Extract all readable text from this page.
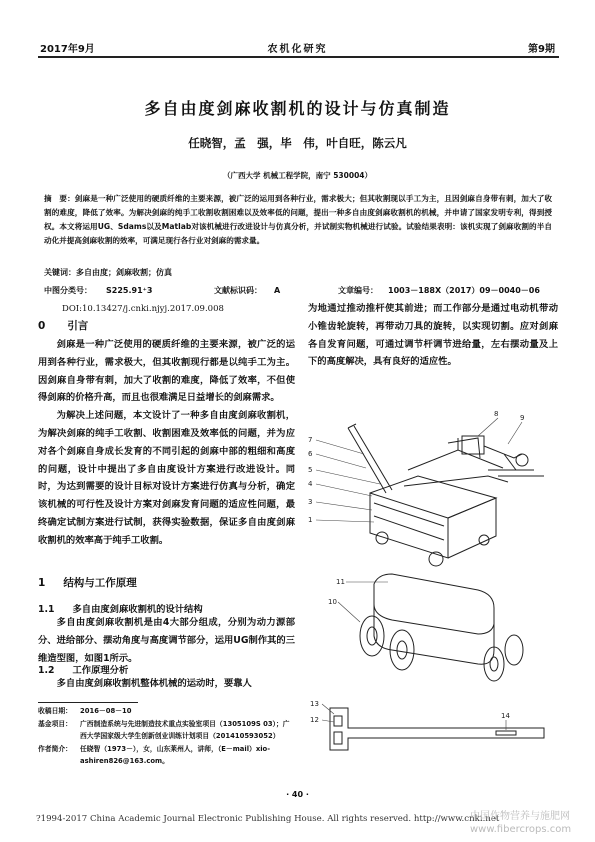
2017年9月	农机化研究	第9期
多自由度剑麻收割机的设计与仿真制造
任晓智，孟　强，毕　伟，叶自旺，陈云凡
（广西大学 机械工程学院，南宁 530004）
摘　要：剑麻是一种广泛使用的硬质纤维的主要来源，被广泛的运用到各种行业，需求极大；但其收割现以手工为主，且因剑麻自身带有刺，加大了收割的难度，降低了效率。为解决剑麻的纯手工收割收割困难以及效率低的问题，提出一种多自由度剑麻收割机的机械，并申请了国家发明专利，得到授权。本文将运用UG、Sdams以及Matlab对该机械进行改进设计与仿真分析，并试制实物机械进行试验。试验结果表明：该机实现了剑麻收割的半自动化并提高剑麻收割的效率，可满足现行各行业对剑麻的需求量。
关键词：多自由度；剑麻收割；仿真
中图分类号： S225.91⁺3	文献标识码： A	文章编号： 1003－188X（2017）09－0040－06
DOI:10.13427/j.cnki.njyj.2017.09.008
0 引言

剑麻是一种广泛使用的硬质纤维的主要来源，被广泛的运用到各种行业，需求极大，但其收割现行都是以纯手工为主。因剑麻自身带有刺，加大了收割的难度，降低了效率，不但使得剑麻的价格升高，而且也很难满足日益增长的剑麻需求。

为解决上述问题，本文设计了一种多自由度剑麻收割机，为解决剑麻的纯手工收割、收割困难及效率低的问题，并为应对各个剑麻自身成长发育的不同引起的剑麻中部的粗细和高度的问题，设计中提出了多自由度设计方案进行改进设计。同时，为达到需要的设计目标对设计方案进行仿真与分析，确定该机械的可行性及设计方案对剑麻发育问题的适应性问题，最终确定试制方案进行试制，获得实验数据，保证多自由度剑麻收割机的效率高于纯手工收割。

1 结构与工作原理
1.1 多自由度剑麻收割机的设计结构

多自由度剑麻收割机是由4大部分组成，分别为动力源部分、进给部分、摆动角度与高度调节部分，运用UG制作其的三维造型图，如图1所示。

1.2 工作原理分析

多自由度剑麻收割机整体机械的运动时，要靠人

收稿日期：	2016－08－10
基金项目：	广西制造系统与先进制造技术重点实验室项目（1305109S 03）；广西大学国家级大学生创新创业训练计划项目（201410593052）
作者简介：	任晓智（1973－），女，山东莱州人，讲师，（E－mail）xio-ashiren826@163.com。

为地通过推动推杆使其前进；而工作部分是通过电动机带动小锥齿轮旋转，再带动刀具的旋转，以实现切割。应对剑麻各自发育问题，可通过调节杆调节进给量，左右摆动量及上下的高度解决，具有良好的适应性。

8	9
7
6
5
4
3
1
11
10
13
12	14
· 40 ·
?1994-2017 China Academic Journal Electronic Publishing House. All rights reserved. http://www.cnki.net
中国作物营养与施肥网 www.fibercrops.com
